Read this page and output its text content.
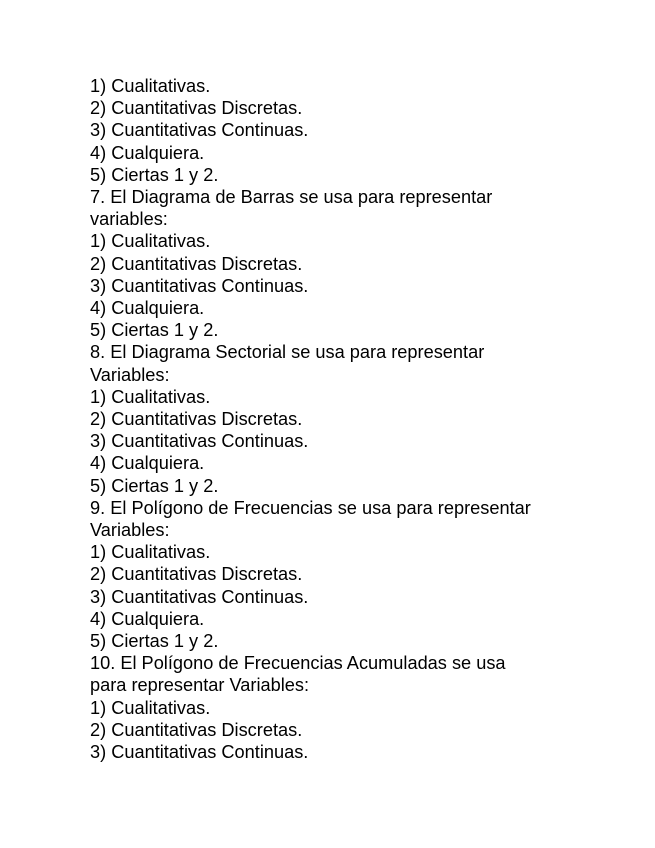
1) Cualitativas.
2) Cuantitativas Discretas.
3) Cuantitativas Continuas.
4) Cualquiera.
5) Ciertas 1 y 2.
7. El Diagrama de Barras se usa para representar
variables:
1) Cualitativas.
2) Cuantitativas Discretas.
3) Cuantitativas Continuas.
4) Cualquiera.
5) Ciertas 1 y 2.
8. El Diagrama Sectorial se usa para representar
Variables:
1) Cualitativas.
2) Cuantitativas Discretas.
3) Cuantitativas Continuas.
4) Cualquiera.
5) Ciertas 1 y 2.
9. El Polígono de Frecuencias se usa para representar
Variables:
1) Cualitativas.
2) Cuantitativas Discretas.
3) Cuantitativas Continuas.
4) Cualquiera.
5) Ciertas 1 y 2.
10. El Polígono de Frecuencias Acumuladas se usa
para representar Variables:
1) Cualitativas.
2) Cuantitativas Discretas.
3) Cuantitativas Continuas.
